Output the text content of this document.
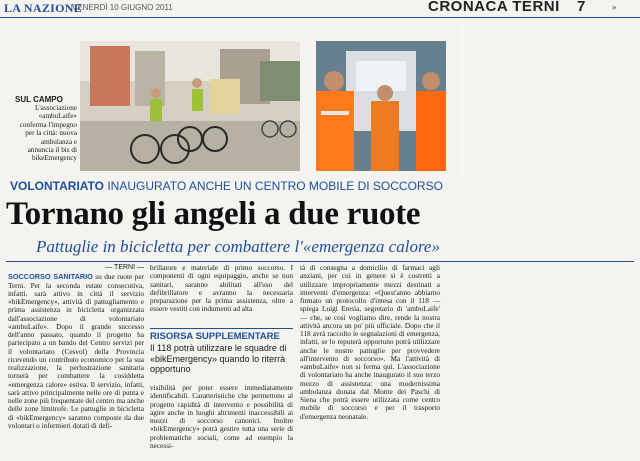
LA NAZIONE
VENERDÌ 10 GIUGNO 2011	CRONACA TERNI 7	»
SUL CAMPO
L'associazione «ambuLaife» conferma l'impegno per la città: nuova ambulanza e annuncia il bis di bikeEmergency
VOLONTARIATO INAUGURATO ANCHE UN CENTRO MOBILE DI SOCCORSO
Tornano gli angeli a due ruote
Pattuglie in bicicletta per combattere l'«emergenza calore»
— TERNI —
SOCCORSO SANITARIO su due ruote per Terni. Per la seconda estate consecutiva, infatti, sarà attivo in città il servizio «bikEmergency», attività di pattugliamento e prima assistenza in bicicletta organizzata dall'associazione di volontariato «ambuLaife». Dopo il grande successo dell'anno passato, quando il progetto ha partecipato a un bando del Centro servizi per il volontariato (Cesvol) della Provincia ricevendo un contributo economico per la sua realizzazione, la perlustrazione sanitaria tornerà per combattere la cosiddetta «emergenza calore» estiva. Il servizio, infatti, sarà attivo principalmente nelle ore di punta e nelle zone più frequentate del centro ma anche delle zone limitrofe. Le pattuglie in bicicletta di «bikEmergency» saranno composte da due volontari o infermieri dotati di defi-
brillatore e materiale di primo soccorso. I componenti di ogni equipaggio, anche se non sanitari, saranno abilitati all'uso del defibrillatore e avranno la necessaria preparazione per la prima assistenza, oltre a essere vestiti con indumenti ad alta
RISORSA SUPPLEMENTARE
Il 118 potrà utilizzare le squadre di «bikEmergency» quando lo riterrà opportuno
visibilità per poter essere immediatamente identificabili. Caratteristiche che permettono al progetto rapidità di intervento e possibilità di agire anche in luoghi altrimenti inaccessibili ai mezzi di soccorso canonici. Inoltre «bikEmergency» potrà gestire tutta una serie di problematiche sociali, come ad esempio la necessi-
tà di consegna a domicilio di farmaci agli anziani, per cui in genere si è costretti a utilizzare impropriamente mezzi destinati a interventi d'emergenza: «Quest'anno abbiamo firmato un protocollo d'intesa con il 118 — spiega Luigi Eresia, segretario di 'ambuLaife' — che, se così vogliamo dire, rende la nostra attività ancora un po' più ufficiale. Dopo che il 118 avrà raccolto le segnalazioni di emergenza, infatti, se lo reputerà opportuno potrà utilizzare anche le nostre pattuglie per provvedere all'intervento di soccorso». Ma l'attività di «ambuLaife» non si ferma qui. L'associazione di volontariato ha anche inaugurato il suo terzo mezzo di assistenza: una modernissima ambulanza donata dal Monte dei Paschi di Siena che potrà essere utilizzata come centro mobile di soccorso e per il trasporto d'emergenza neonatale.
